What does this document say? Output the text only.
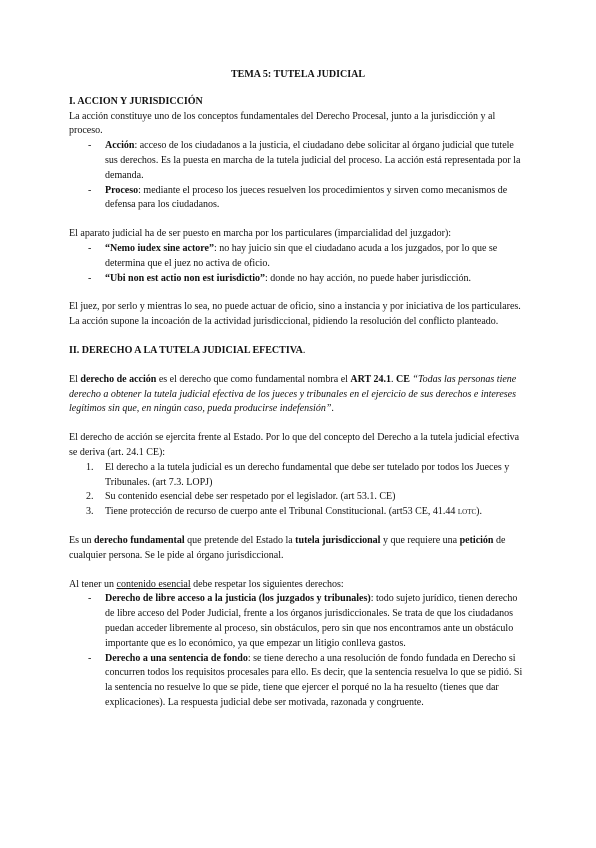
TEMA 5: TUTELA JUDICIAL
I. ACCION Y JURISDICCIÓN

La acción constituye uno de los conceptos fundamentales del Derecho Procesal, junto a la jurisdicción y al proceso.

- Acción: acceso de los ciudadanos a la justicia, el ciudadano debe solicitar al órgano judicial que tutele sus derechos. Es la puesta en marcha de la tutela judicial del proceso. La acción está representada por la demanda.
- Proceso: mediante el proceso los jueces resuelven los procedimientos y sirven como mecanismos de defensa para los ciudadanos.

El aparato judicial ha de ser puesto en marcha por los particulares (imparcialidad del juzgador):

- “Nemo iudex sine actore”: no hay juicio sin que el ciudadano acuda a los juzgados, por lo que se determina que el juez no activa de oficio.
- “Ubi non est actio non est iurisdictio”: donde no hay acción, no puede haber jurisdicción.

El juez, por serlo y mientras lo sea, no puede actuar de oficio, sino a instancia y por iniciativa de los particulares. La acción supone la incoación de la actividad jurisdiccional, pidiendo la resolución del conflicto planteado.

II. DERECHO A LA TUTELA JUDICIAL EFECTIVA.

El derecho de acción es el derecho que como fundamental nombra el ART 24.1. CE “Todas las personas tiene derecho a obtener la tutela judicial efectiva de los jueces y tribunales en el ejercicio de sus derechos e intereses legítimos sin que, en ningún caso, pueda producirse indefensión”.

El derecho de acción se ejercita frente al Estado. Por lo que del concepto del Derecho a la tutela judicial efectiva se deriva (art. 24.1 CE):

1. El derecho a la tutela judicial es un derecho fundamental que debe ser tutelado por todos los Jueces y Tribunales. (art 7.3. LOPJ)
2. Su contenido esencial debe ser respetado por el legislador. (art 53.1. CE)
3. Tiene protección de recurso de cuerpo ante el Tribunal Constitucional. (art53 CE, 41.44 LOTC).

Es un derecho fundamental que pretende del Estado la tutela jurisdiccional y que requiere una petición de cualquier persona. Se le pide al órgano jurisdiccional.

Al tener un contenido esencial debe respetar los siguientes derechos:

- Derecho de libre acceso a la justicia (los juzgados y tribunales): todo sujeto jurídico, tienen derecho de libre acceso del Poder Judicial, frente a los órganos jurisdiccionales. Se trata de que los ciudadanos puedan acceder libremente al proceso, sin obstáculos, pero sin que nos encontramos ante un obstáculo importante que es lo económico, ya que empezar un litigio conlleva gastos.
- Derecho a una sentencia de fondo: se tiene derecho a una resolución de fondo fundada en Derecho si concurren todos los requisitos procesales para ello. Es decir, que la sentencia resuelva lo que se pidió. Si la sentencia no resuelve lo que se pide, tiene que ejercer el porqué no la ha resuelto (tienes que dar explicaciones). La respuesta judicial debe ser motivada, razonada y congruente.
